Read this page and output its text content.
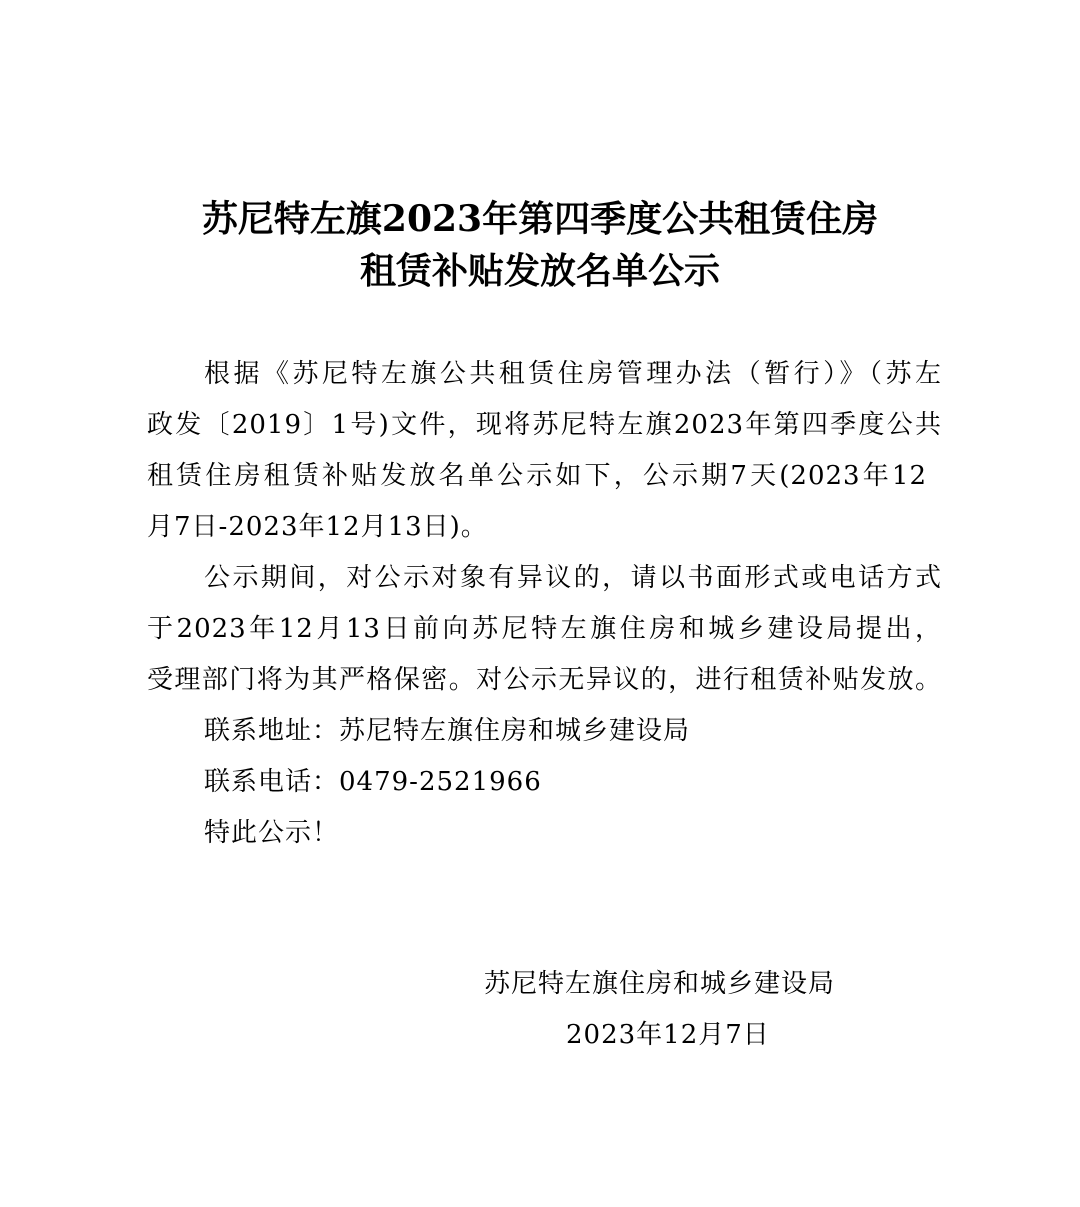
苏尼特左旗2023年第四季度公共租赁住房
租赁补贴发放名单公示
根据《苏尼特左旗公共租赁住房管理办法（暂行）》（苏左
政发〔2019〕1号)文件，现将苏尼特左旗2023年第四季度公共
租赁住房租赁补贴发放名单公示如下，公示期7天(2023年12
月7日-2023年12月13日)。
公示期间，对公示对象有异议的，请以书面形式或电话方式
于2023年12月13日前向苏尼特左旗住房和城乡建设局提出，
受理部门将为其严格保密。对公示无异议的，进行租赁补贴发放。
联系地址：苏尼特左旗住房和城乡建设局
联系电话：0479-2521966
特此公示！
苏尼特左旗住房和城乡建设局
2023年12月7日
